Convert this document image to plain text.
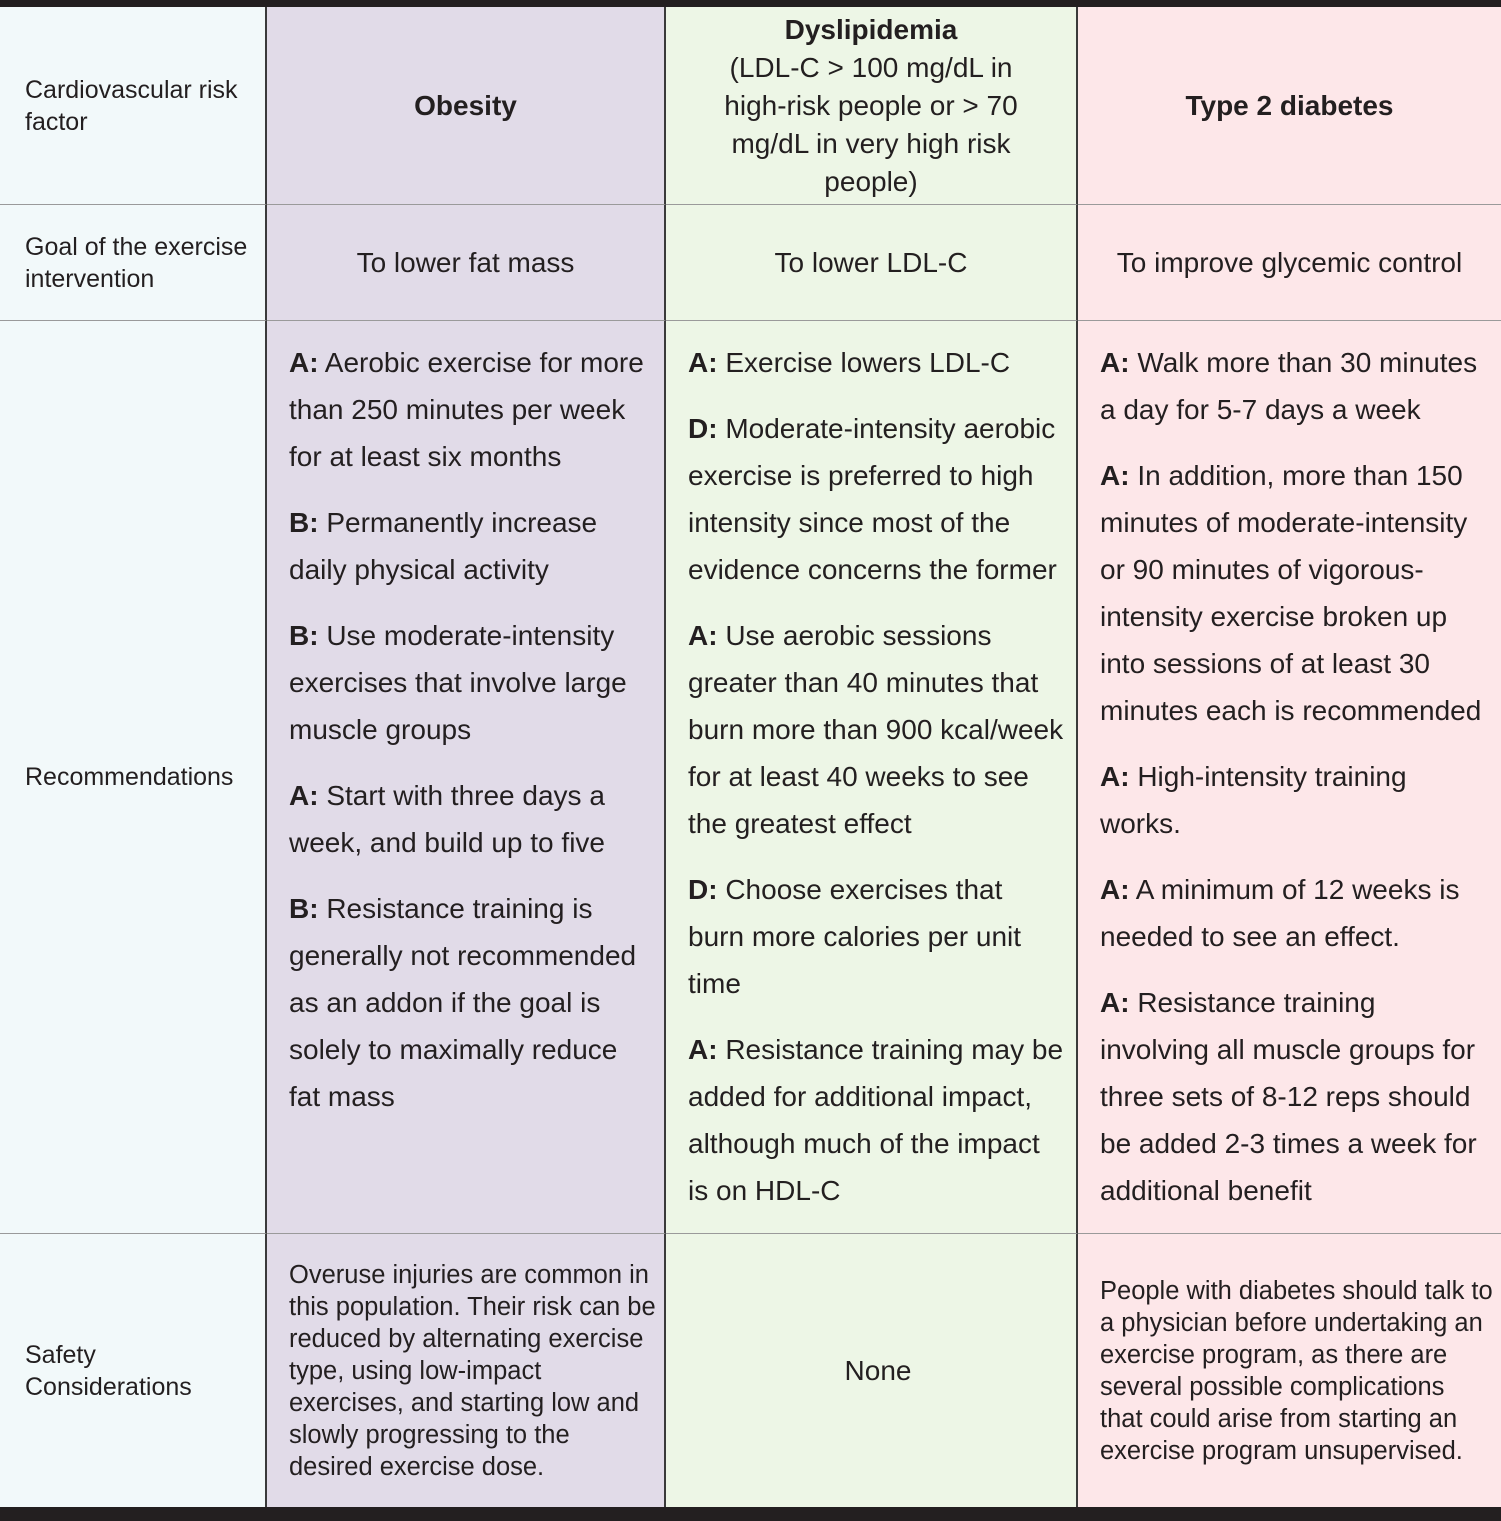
Cardiovascular risk factor
Obesity
Dyslipidemia
(LDL-C > 100 mg/dL in high-risk people or > 70 mg/dL in very high risk people)
Type 2 diabetes
Goal of the exercise intervention
To lower fat mass	To lower LDL-C	To improve glycemic control
Recommendations
A: Aerobic exercise for more than 250 minutes per week for at least six months
B: Permanently increase daily physical activity
B: Use moderate-intensity exercises that involve large muscle groups
A: Start with three days a week, and build up to five
B: Resistance training is generally not recommended as an addon if the goal is solely to maximally reduce fat mass
A: Exercise lowers LDL-C
D: Moderate-intensity aerobic exercise is preferred to high intensity since most of the evidence concerns the former
A: Use aerobic sessions greater than 40 minutes that burn more than 900 kcal/week for at least 40 weeks to see the greatest effect
D: Choose exercises that burn more calories per unit time
A: Resistance training may be added for additional impact, although much of the impact is on HDL-C
A: Walk more than 30 minutes a day for 5-7 days a week
A: In addition, more than 150 minutes of moderate-intensity or 90 minutes of vigorous-intensity exercise broken up into sessions of at least 30 minutes each is recommended
A: High-intensity training works.
A: A minimum of 12 weeks is needed to see an effect.
A: Resistance training involving all muscle groups for three sets of 8-12 reps should be added 2-3 times a week for additional benefit
Safety Considerations
Overuse injuries are common in this population. Their risk can be reduced by alternating exercise type, using low-impact exercises, and starting low and slowly progressing to the desired exercise dose.
None
People with diabetes should talk to a physician before undertaking an exercise program, as there are several possible complications that could arise from starting an exercise program unsupervised.
